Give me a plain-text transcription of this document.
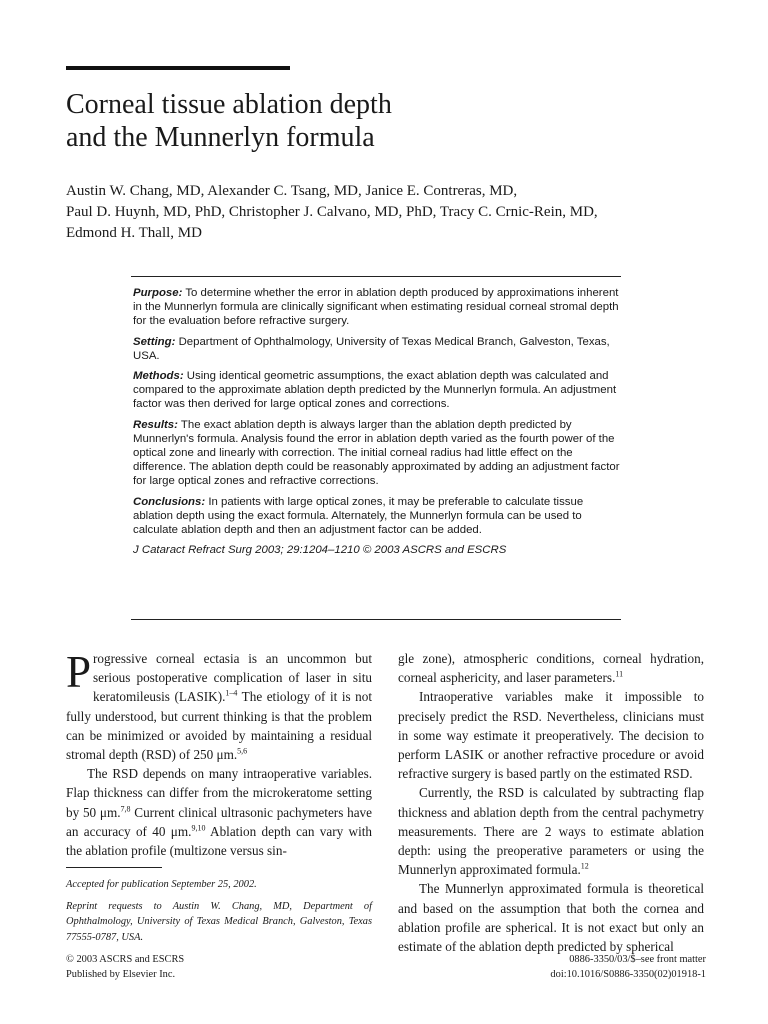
Corneal tissue ablation depth
and the Munnerlyn formula
Austin W. Chang, MD, Alexander C. Tsang, MD, Janice E. Contreras, MD,
Paul D. Huynh, MD, PhD, Christopher J. Calvano, MD, PhD, Tracy C. Crnic-Rein, MD,
Edmond H. Thall, MD

Purpose: To determine whether the error in ablation depth produced by approximations inherent in the Munnerlyn formula are clinically significant when estimating residual corneal stromal depth for the evaluation before refractive surgery.

Setting: Department of Ophthalmology, University of Texas Medical Branch, Galveston, Texas, USA.

Methods: Using identical geometric assumptions, the exact ablation depth was calculated and compared to the approximate ablation depth predicted by the Munnerlyn formula. An adjustment factor was then derived for large optical zones and corrections.

Results: The exact ablation depth is always larger than the ablation depth predicted by Munnerlyn's formula. Analysis found the error in ablation depth varied as the fourth power of the optical zone and linearly with correction. The initial corneal radius had little effect on the difference. The ablation depth could be reasonably approximated by adding an adjustment factor for large optical zones and refractive corrections.

Conclusions: In patients with large optical zones, it may be preferable to calculate tissue ablation depth using the exact formula. Alternately, the Munnerlyn formula can be used to calculate ablation depth and then an adjustment factor can be added.

J Cataract Refract Surg 2003; 29:1204–1210 © 2003 ASCRS and ESCRS

Progressive corneal ectasia is an uncommon but serious postoperative complication of laser in situ keratomileusis (LASIK).$^{1-4}$ The etiology of it is not fully understood, but current thinking is that the problem can be minimized or avoided by maintaining a residual stromal depth (RSD) of 250 μm.$^{5,6}$

The RSD depends on many intraoperative variables. Flap thickness can differ from the microkeratome setting by 50 μm.$^{7,8}$ Current clinical ultrasonic pachymeters have an accuracy of 40 μm.$^{9,10}$ Ablation depth can vary with the ablation profile (multizone versus sin-

gle zone), atmospheric conditions, corneal hydration, corneal asphericity, and laser parameters.$^{11}$

Intraoperative variables make it impossible to precisely predict the RSD. Nevertheless, clinicians must in some way estimate it preoperatively. The decision to perform LASIK or another refractive procedure or avoid refractive surgery is based partly on the estimated RSD.

Currently, the RSD is calculated by subtracting flap thickness and ablation depth from the central pachymetry measurements. There are 2 ways to estimate ablation depth: using the preoperative parameters or using the Munnerlyn approximated formula.$^{12}$

The Munnerlyn approximated formula is theoretical and based on the assumption that both the cornea and ablation profile are spherical. It is not exact but only an estimate of the ablation depth predicted by spherical

Accepted for publication September 25, 2002.

Reprint requests to Austin W. Chang, MD, Department of Ophthalmology, University of Texas Medical Branch, Galveston, Texas 77555-0787, USA.

© 2003 ASCRS and ESCRS
Published by Elsevier Inc.
0886-3350/03/$–see front matter
doi:10.1016/S0886-3350(02)01918-1
